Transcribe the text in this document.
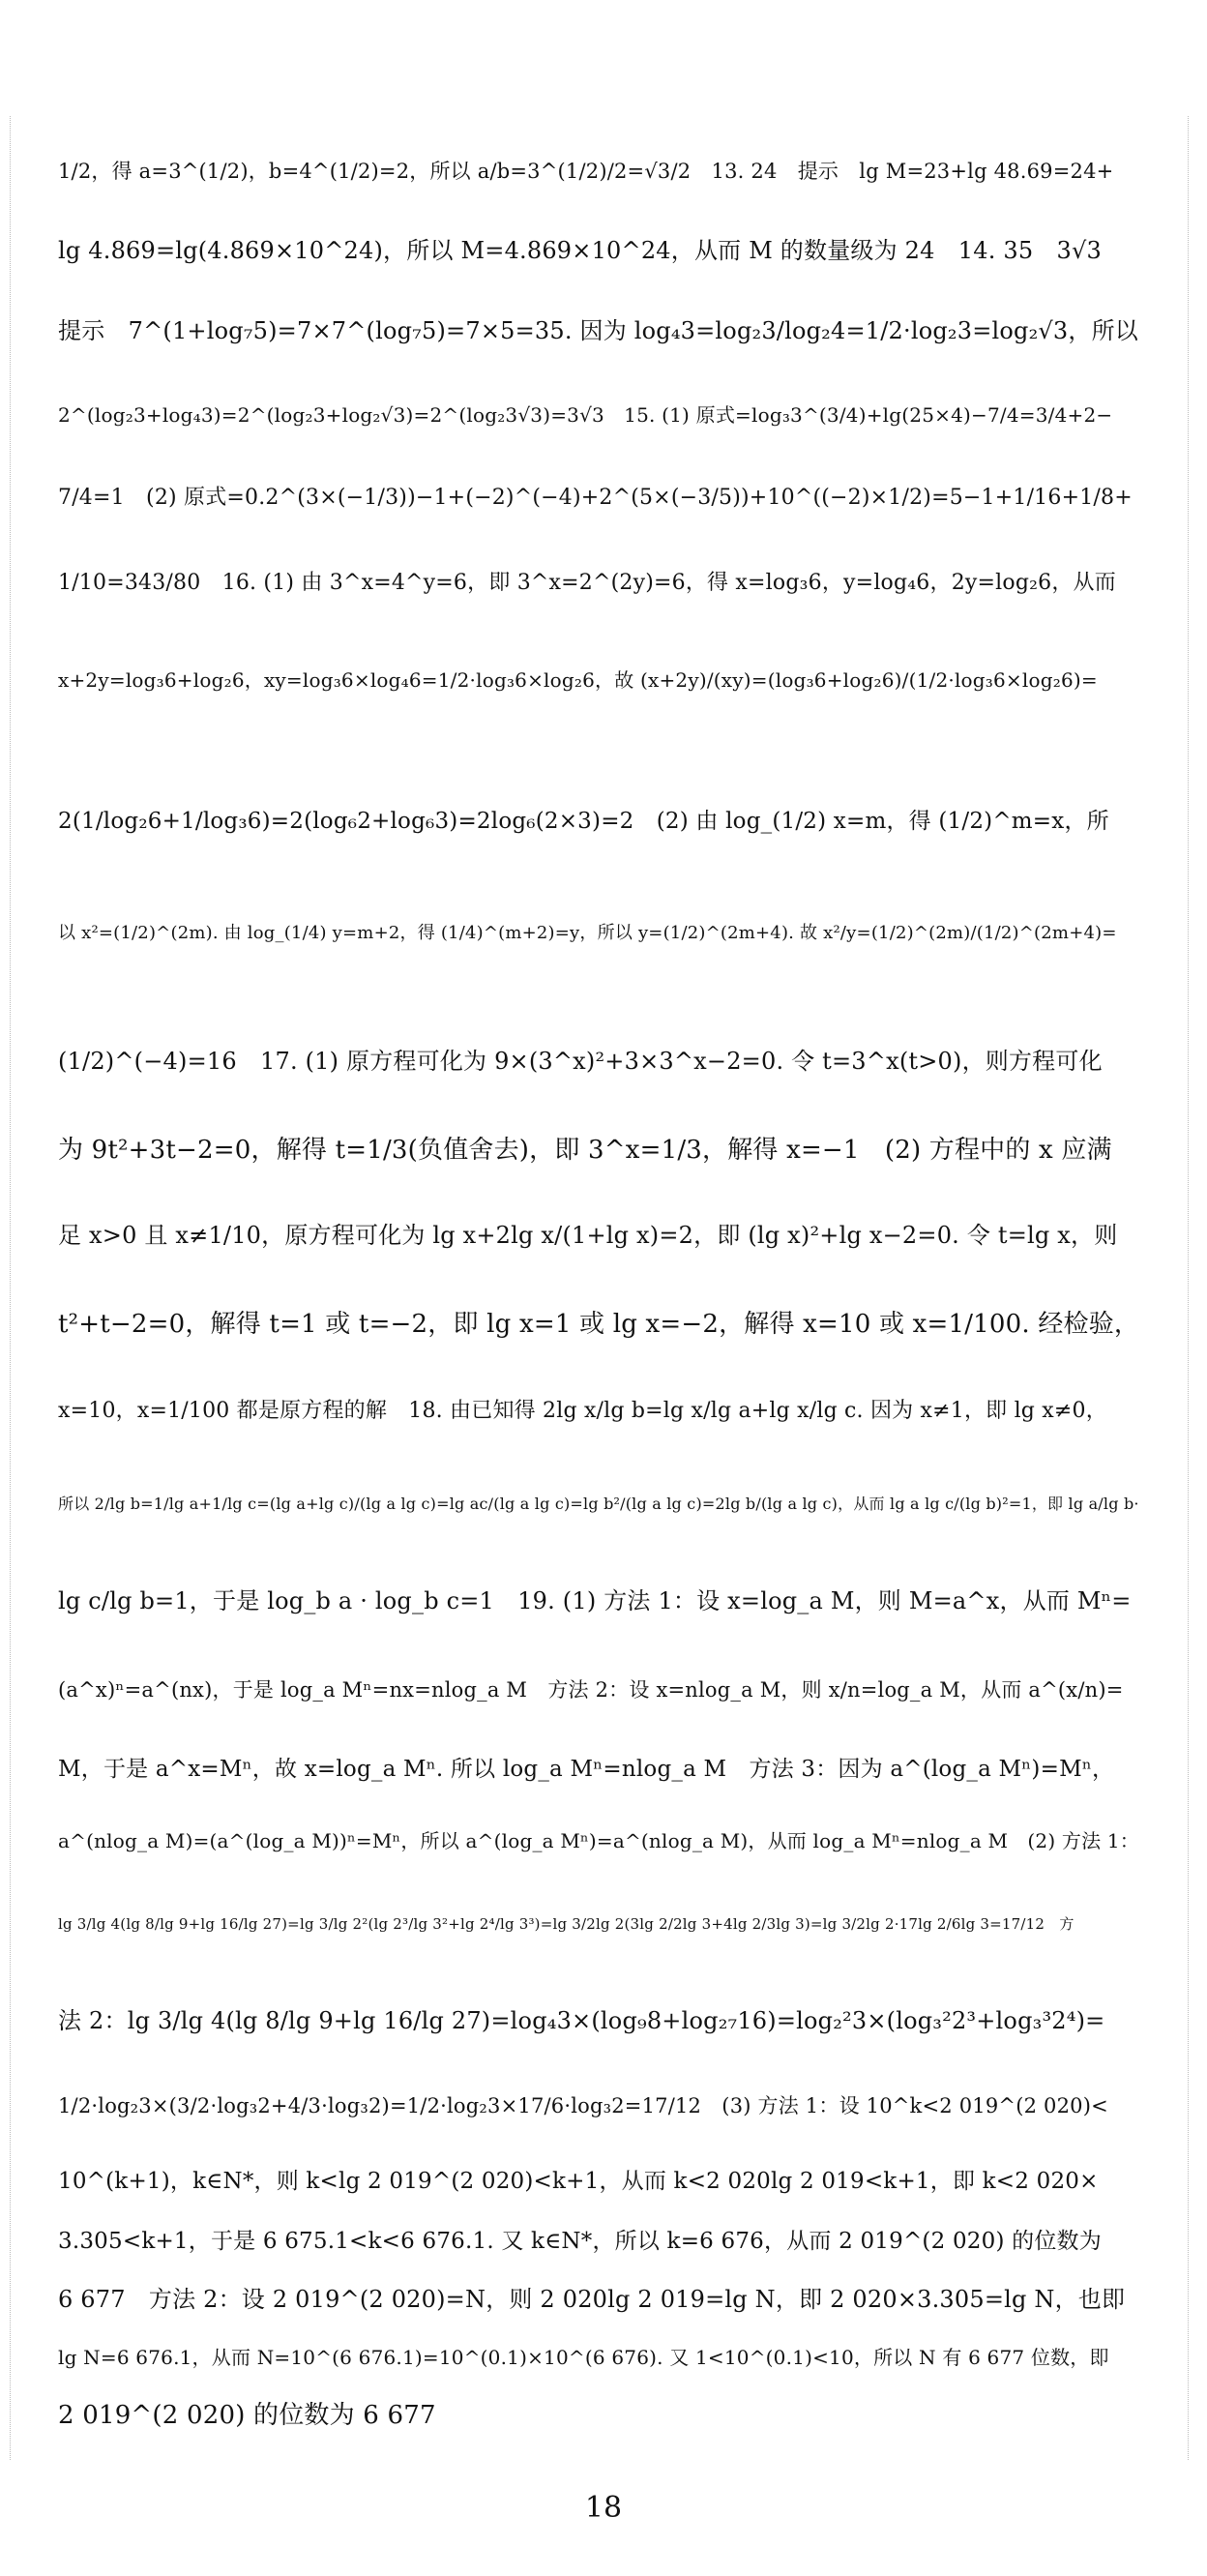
1/2，得 a=3^(1/2)，b=4^(1/2)=2，所以 a/b=3^(1/2)/2=√3/2　13. 24　提示　lg M=23+lg 48.69=24+
lg 4.869=lg(4.869×10^24)，所以 M=4.869×10^24，从而 M 的数量级为 24　14. 35　3√3
提示　7^(1+log₇5)=7×7^(log₇5)=7×5=35. 因为 log₄3=log₂3/log₂4=1/2·log₂3=log₂√3，所以
2^(log₂3+log₄3)=2^(log₂3+log₂√3)=2^(log₂3√3)=3√3　15. (1) 原式=log₃3^(3/4)+lg(25×4)−7/4=3/4+2−
7/4=1　(2) 原式=0.2^(3×(−1/3))−1+(−2)^(−4)+2^(5×(−3/5))+10^((−2)×1/2)=5−1+1/16+1/8+
1/10=343/80　16. (1) 由 3^x=4^y=6，即 3^x=2^(2y)=6，得 x=log₃6，y=log₄6，2y=log₂6，从而
x+2y=log₃6+log₂6，xy=log₃6×log₄6=1/2·log₃6×log₂6，故 (x+2y)/(xy)=(log₃6+log₂6)/(1/2·log₃6×log₂6)=
2(1/log₂6+1/log₃6)=2(log₆2+log₆3)=2log₆(2×3)=2　(2) 由 log_(1/2) x=m，得 (1/2)^m=x，所
以 x²=(1/2)^(2m). 由 log_(1/4) y=m+2，得 (1/4)^(m+2)=y，所以 y=(1/2)^(2m+4). 故 x²/y=(1/2)^(2m)/(1/2)^(2m+4)=
(1/2)^(−4)=16　17. (1) 原方程可化为 9×(3^x)²+3×3^x−2=0. 令 t=3^x(t>0)，则方程可化
为 9t²+3t−2=0，解得 t=1/3(负值舍去)，即 3^x=1/3，解得 x=−1　(2) 方程中的 x 应满
足 x>0 且 x≠1/10，原方程可化为 lg x+2lg x/(1+lg x)=2，即 (lg x)²+lg x−2=0. 令 t=lg x，则
t²+t−2=0，解得 t=1 或 t=−2，即 lg x=1 或 lg x=−2，解得 x=10 或 x=1/100. 经检验，
x=10，x=1/100 都是原方程的解　18. 由已知得 2lg x/lg b=lg x/lg a+lg x/lg c. 因为 x≠1，即 lg x≠0，
所以 2/lg b=1/lg a+1/lg c=(lg a+lg c)/(lg a lg c)=lg ac/(lg a lg c)=lg b²/(lg a lg c)=2lg b/(lg a lg c)，从而 lg a lg c/(lg b)²=1，即 lg a/lg b·
lg c/lg b=1，于是 log_b a · log_b c=1　19. (1) 方法 1：设 x=log_a M，则 M=a^x，从而 Mⁿ=
(a^x)ⁿ=a^(nx)，于是 log_a Mⁿ=nx=nlog_a M　方法 2：设 x=nlog_a M，则 x/n=log_a M，从而 a^(x/n)=
M，于是 a^x=Mⁿ，故 x=log_a Mⁿ. 所以 log_a Mⁿ=nlog_a M　方法 3：因为 a^(log_a Mⁿ)=Mⁿ，
a^(nlog_a M)=(a^(log_a M))ⁿ=Mⁿ，所以 a^(log_a Mⁿ)=a^(nlog_a M)，从而 log_a Mⁿ=nlog_a M　(2) 方法 1：
lg 3/lg 4(lg 8/lg 9+lg 16/lg 27)=lg 3/lg 2²(lg 2³/lg 3²+lg 2⁴/lg 3³)=lg 3/2lg 2(3lg 2/2lg 3+4lg 2/3lg 3)=lg 3/2lg 2·17lg 2/6lg 3=17/12　方
法 2：lg 3/lg 4(lg 8/lg 9+lg 16/lg 27)=log₄3×(log₉8+log₂₇16)=log₂²3×(log₃²2³+log₃³2⁴)=
1/2·log₂3×(3/2·log₃2+4/3·log₃2)=1/2·log₂3×17/6·log₃2=17/12　(3) 方法 1：设 10^k<2 019^(2 020)<
10^(k+1)，k∈N*，则 k<lg 2 019^(2 020)<k+1，从而 k<2 020lg 2 019<k+1，即 k<2 020×
3.305<k+1，于是 6 675.1<k<6 676.1. 又 k∈N*，所以 k=6 676，从而 2 019^(2 020) 的位数为
6 677　方法 2：设 2 019^(2 020)=N，则 2 020lg 2 019=lg N，即 2 020×3.305=lg N，也即
lg N=6 676.1，从而 N=10^(6 676.1)=10^(0.1)×10^(6 676). 又 1<10^(0.1)<10，所以 N 有 6 677 位数，即
2 019^(2 020) 的位数为 6 677
18
